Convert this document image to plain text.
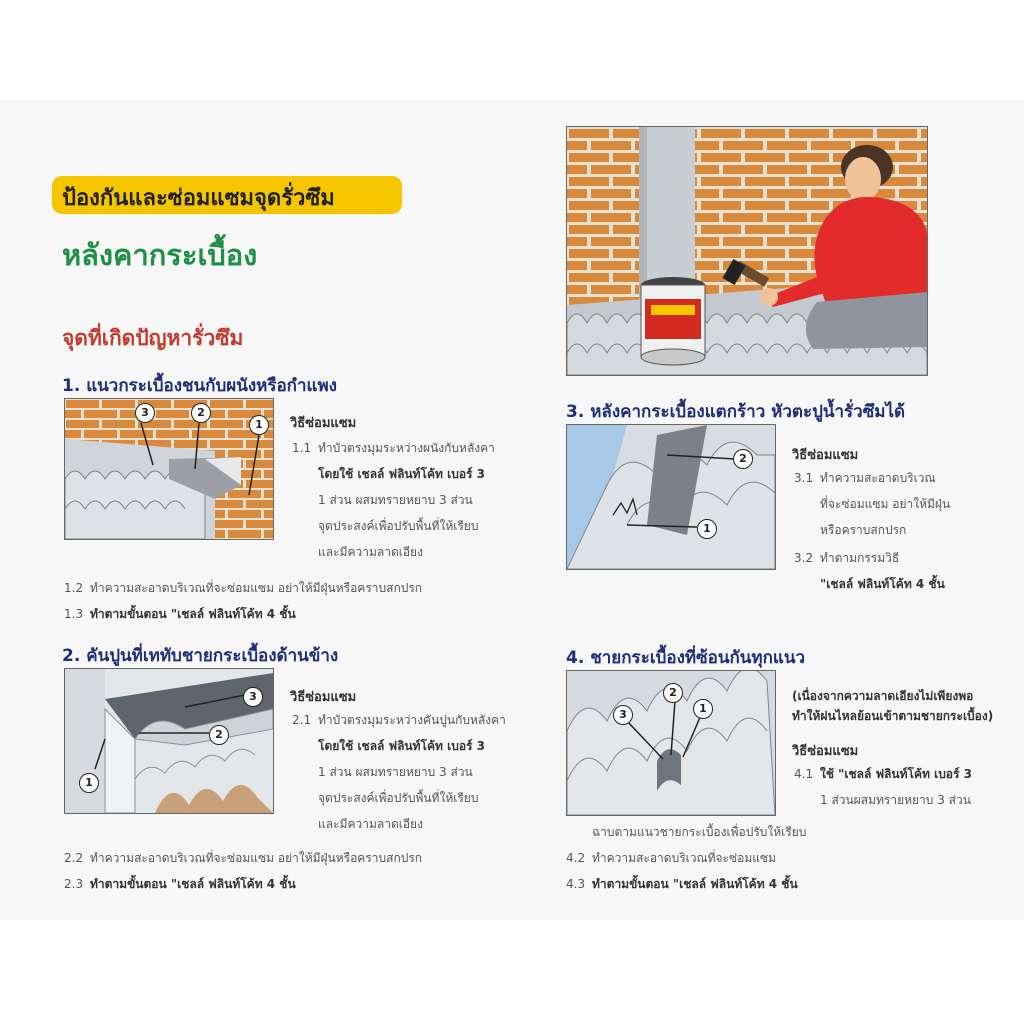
ป้องกันและซ่อมแซมจุดรั่วซึม
หลังคากระเบื้อง
จุดที่เกิดปัญหารั่วซึม
1. แนวกระเบื้องชนกับผนังหรือกำแพง
3	2
1	วิธีซ่อมแซม
1.1 ทำบัวตรงมุมระหว่างผนังกับหลังคา
โดยใช้ เชลล์ ฟลินท์โค้ท เบอร์ 3
1 ส่วน ผสมทรายหยาบ 3 ส่วน
จุดประสงค์เพื่อปรับพื้นที่ให้เรียบ
และมีความลาดเอียง
1.2 ทำความสะอาดบริเวณที่จะซ่อมแซม อย่าให้มีฝุ่นหรือคราบสกปรก
1.3 ทำตามขั้นตอน "เชลล์ ฟลินท์โค้ท 4 ชั้น
2. คันปูนที่เททับชายกระเบื้องด้านข้าง
3
2
1
วิธีซ่อมแซม
2.1 ทำบัวตรงมุมระหว่างคันปูนกับหลังคา
โดยใช้ เชลล์ ฟลินท์โค้ท เบอร์ 3
1 ส่วน ผสมทรายหยาบ 3 ส่วน
จุดประสงค์เพื่อปรับพื้นที่ให้เรียบ
และมีความลาดเอียง
2.2 ทำความสะอาดบริเวณที่จะซ่อมแซม อย่าให้มีฝุ่นหรือคราบสกปรก
2.3 ทำตามขั้นตอน "เชลล์ ฟลินท์โค้ท 4 ชั้น
3. หลังคากระเบื้องแตกร้าว หัวตะปูน้ำรั่วซึมได้
2
1
วิธีซ่อมแซม
3.1 ทำความสะอาดบริเวณ
ที่จะซ่อมแซม อย่าให้มีฝุ่น
หรือคราบสกปรก
3.2 ทำตามกรรมวิธี
"เชลล์ ฟลินท์โค้ท 4 ชั้น
4. ชายกระเบื้องที่ซ้อนกันทุกแนว
2
3	1
(เนื่องจากความลาดเอียงไม่เพียงพอ
ทำให้ฝนไหลย้อนเข้าตามชายกระเบื้อง)
วิธีซ่อมแซม
4.1 ใช้ "เชลล์ ฟลินท์โค้ท เบอร์ 3
1 ส่วนผสมทรายหยาบ 3 ส่วน
ฉาบตามแนวชายกระเบื้องเพื่อปรับให้เรียบ
4.2 ทำความสะอาดบริเวณที่จะซ่อมแซม
4.3 ทำตามขั้นตอน "เชลล์ ฟลินท์โค้ท 4 ชั้น
